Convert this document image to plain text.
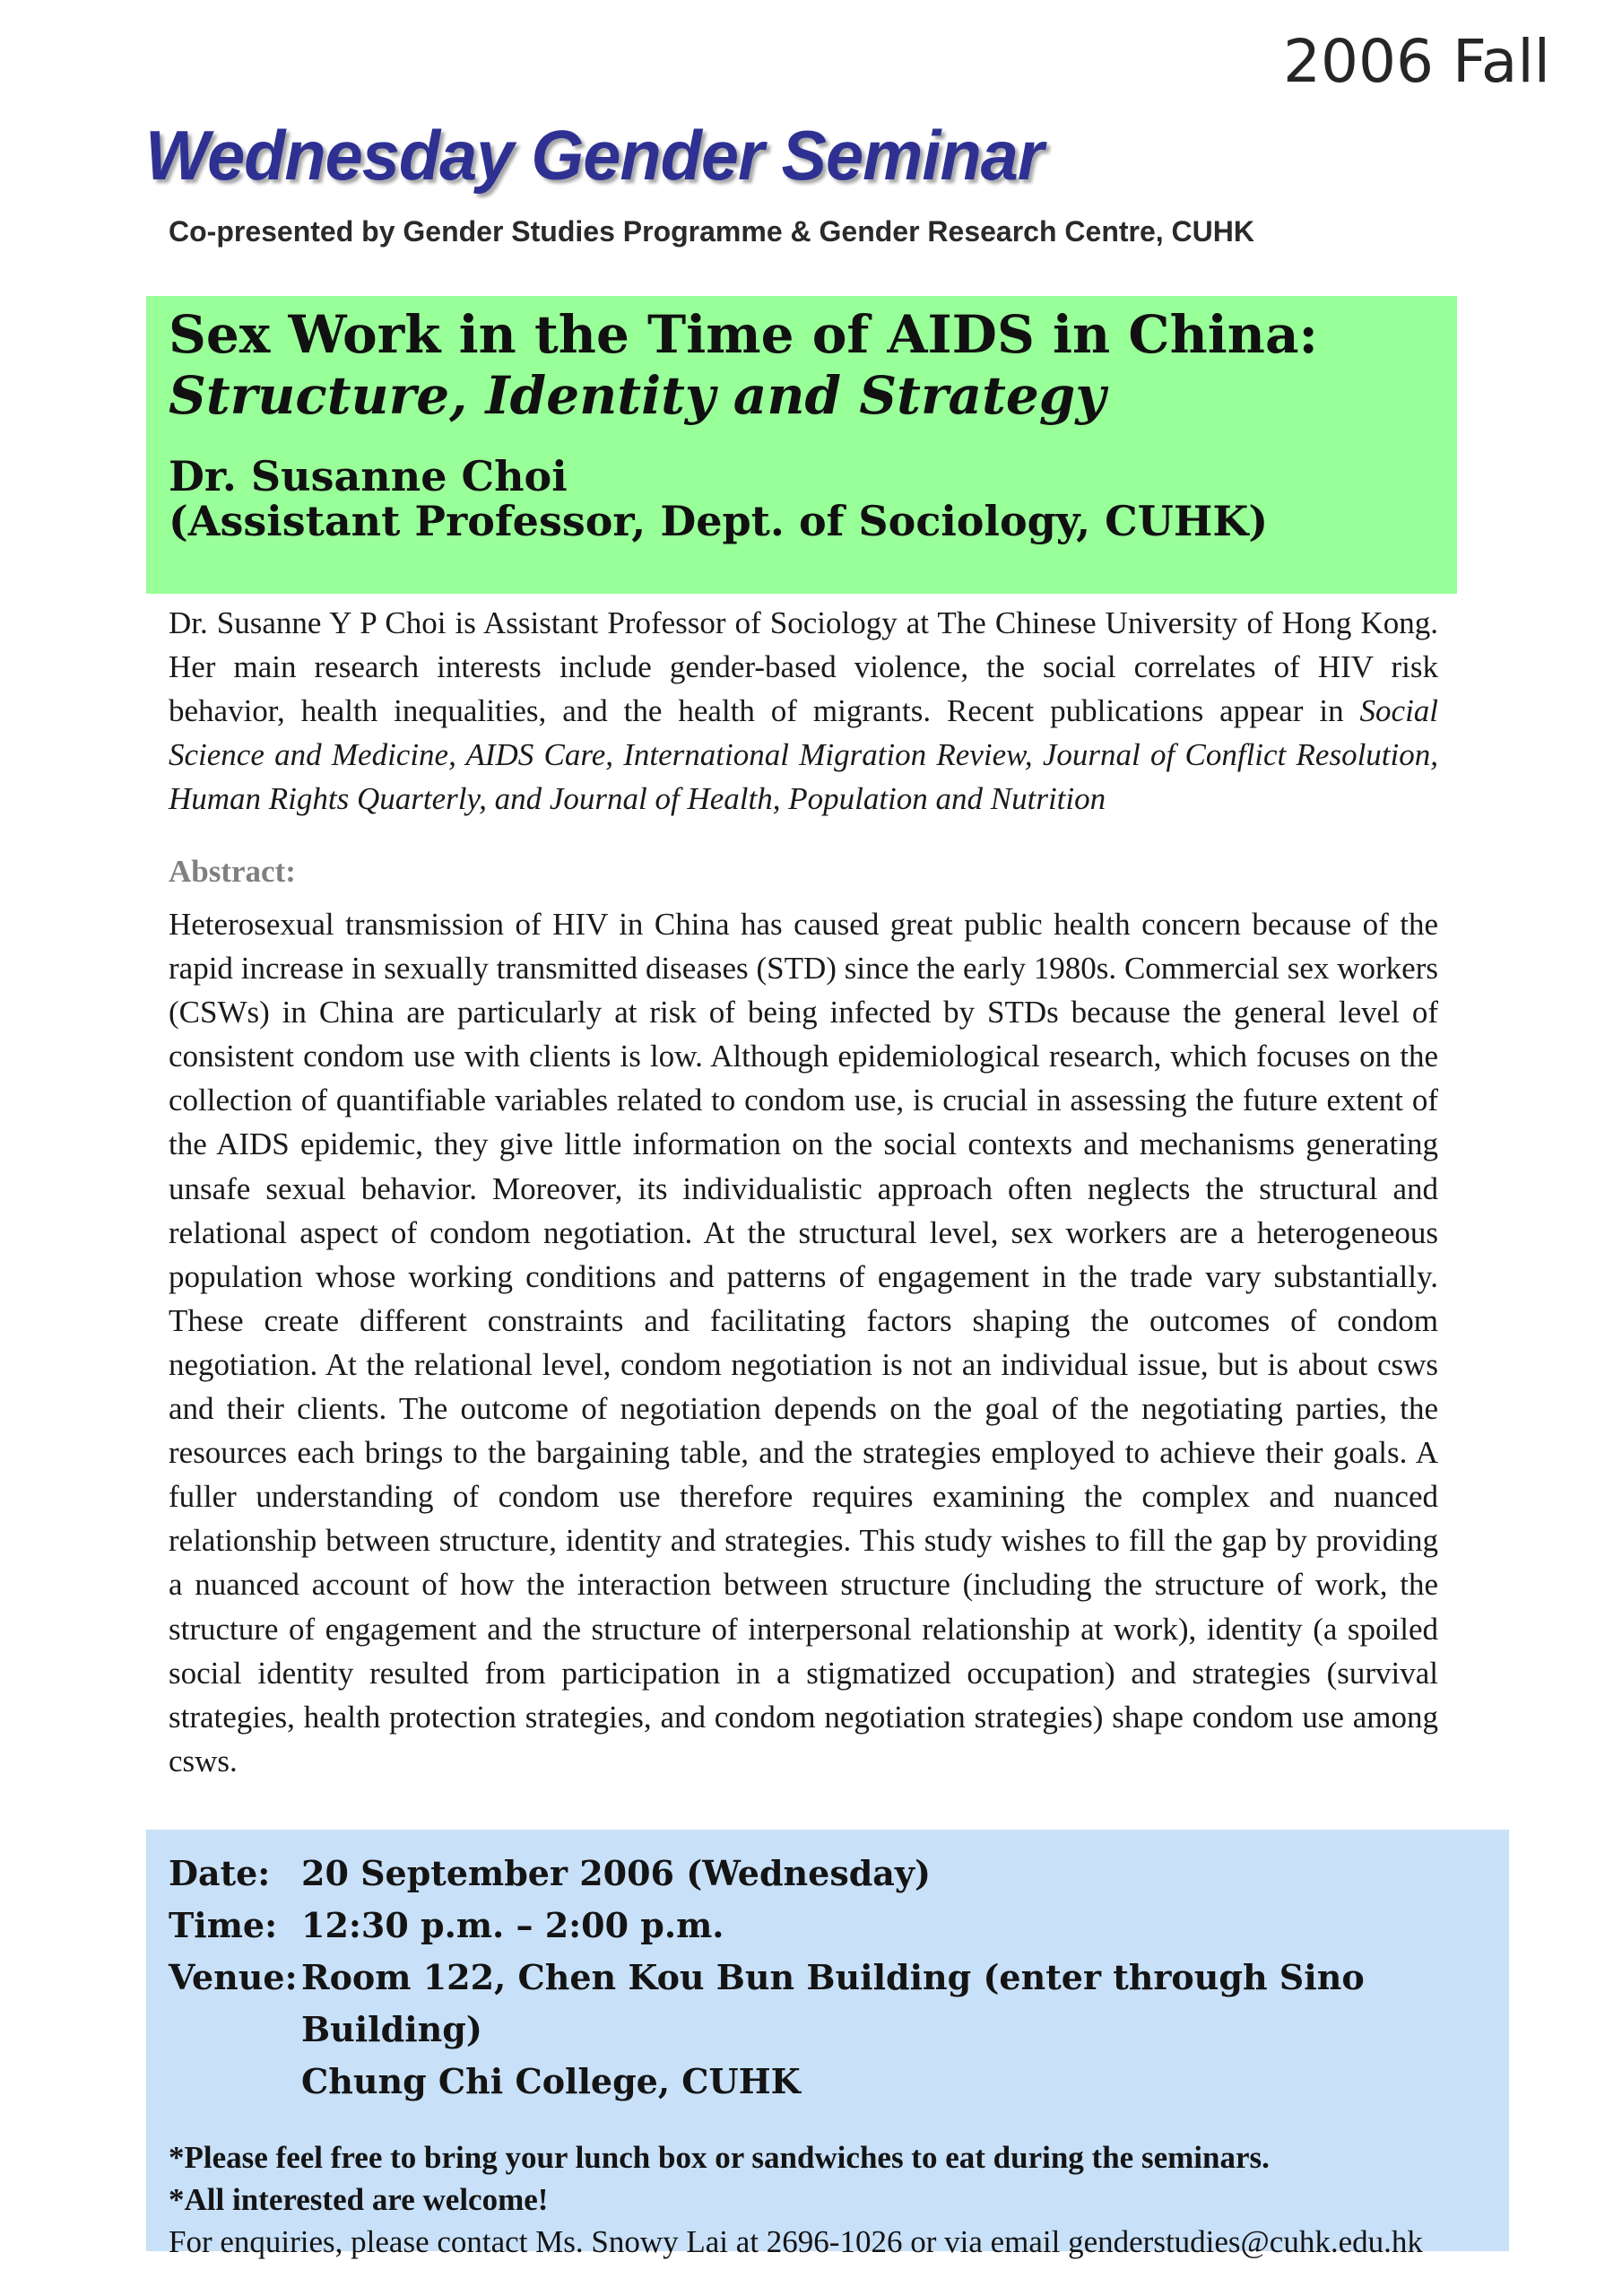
2006 Fall
Wednesday Gender Seminar
Co-presented by Gender Studies Programme & Gender Research Centre, CUHK
Sex Work in the Time of AIDS in China:
Structure, Identity and Strategy
Dr. Susanne Choi
(Assistant Professor, Dept. of Sociology, CUHK)
Dr. Susanne Y P Choi is Assistant Professor of Sociology at The Chinese University of Hong Kong. Her main research interests include gender-based violence, the social correlates of HIV risk behavior, health inequalities, and the health of migrants. Recent publications appear in Social Science and Medicine, AIDS Care, International Migration Review, Journal of Conflict Resolution, Human Rights Quarterly, and Journal of Health, Population and Nutrition
Abstract:
Heterosexual transmission of HIV in China has caused great public health concern because of the rapid increase in sexually transmitted diseases (STD) since the early 1980s. Commercial sex workers (CSWs) in China are particularly at risk of being infected by STDs because the general level of consistent condom use with clients is low. Although epidemiological research, which focuses on the collection of quantifiable variables related to condom use, is crucial in assessing the future extent of the AIDS epidemic, they give little information on the social contexts and mechanisms generating unsafe sexual behavior. Moreover, its individualistic approach often neglects the structural and relational aspect of condom negotiation. At the structural level, sex workers are a heterogeneous population whose working conditions and patterns of engagement in the trade vary substantially. These create different constraints and facilitating factors shaping the outcomes of condom negotiation. At the relational level, condom negotiation is not an individual issue, but is about csws and their clients. The outcome of negotiation depends on the goal of the negotiating parties, the resources each brings to the bargaining table, and the strategies employed to achieve their goals. A fuller understanding of condom use therefore requires examining the complex and nuanced relationship between structure, identity and strategies. This study wishes to fill the gap by providing a nuanced account of how the interaction between structure (including the structure of work, the structure of engagement and the structure of interpersonal relationship at work), identity (a spoiled social identity resulted from participation in a stigmatized occupation) and strategies (survival strategies, health protection strategies, and condom negotiation strategies) shape condom use among csws.
Date: 20 September 2006 (Wednesday)
Time: 12:30 p.m. – 2:00 p.m.
Venue: Room 122, Chen Kou Bun Building (enter through Sino Building)
Chung Chi College, CUHK
*Please feel free to bring your lunch box or sandwiches to eat during the seminars.
*All interested are welcome!
For enquiries, please contact Ms. Snowy Lai at 2696-1026 or via email genderstudies@cuhk.edu.hk
